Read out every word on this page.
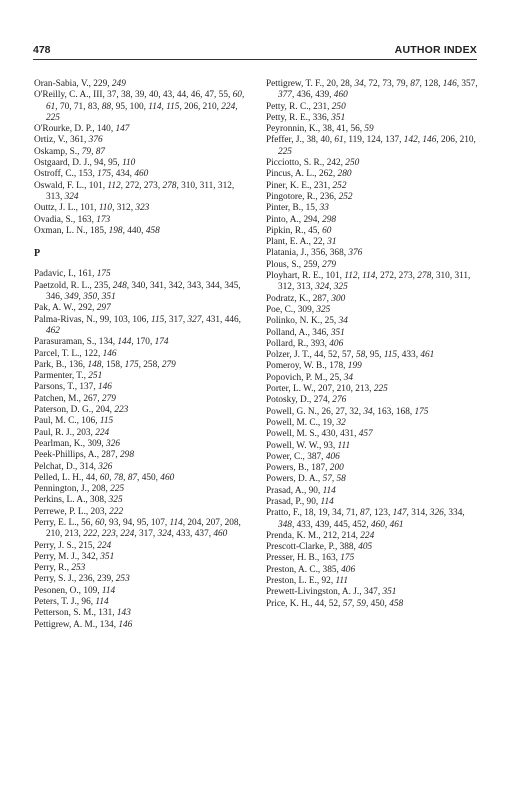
478	AUTHOR INDEX

Oran-Sabia, V., 229, 249

O'Reilly, C. A., III, 37, 38, 39, 40, 43, 44, 46, 47, 55, 60, 61, 70, 71, 83, 88, 95, 100, 114, 115, 206, 210, 224, 225

O'Rourke, D. P., 140, 147

Ortiz, V., 361, 376

Oskamp, S., 79, 87

Ostgaard, D. J., 94, 95, 110

Ostroff, C., 153, 175, 434, 460

Oswald, F. L., 101, 112, 272, 273, 278, 310, 311, 312, 313, 324

Outtz, J. L., 101, 110, 312, 323

Ovadia, S., 163, 173

Oxman, L. N., 185, 198, 440, 458

P

Padavic, I., 161, 175

Paetzold, R. L., 235, 248, 340, 341, 342, 343, 344, 345, 346, 349, 350, 351

Pak, A. W., 292, 297

Palma-Rivas, N., 99, 103, 106, 115, 317, 327, 431, 446, 462

Parasuraman, S., 134, 144, 170, 174

Parcel, T. L., 122, 146

Park, B., 136, 148, 158, 175, 258, 279

Parmenter, T., 251

Parsons, T., 137, 146

Patchen, M., 267, 279

Paterson, D. G., 204, 223

Paul, M. C., 106, 115

Paul, R. J., 203, 224

Pearlman, K., 309, 326

Peek-Phillips, A., 287, 298

Pelchat, D., 314, 326

Pelled, L. H., 44, 60, 78, 87, 450, 460

Pennington, J., 208, 225

Perkins, L. A., 308, 325

Perrewe, P. L., 203, 222

Perry, E. L., 56, 60, 93, 94, 95, 107, 114, 204, 207, 208, 210, 213, 222, 223, 224, 317, 324, 433, 437, 460

Perry, J. S., 215, 224

Perry, M. J., 342, 351

Perry, R., 253

Perry, S. J., 236, 239, 253

Pesonen, O., 109, 114

Peters, T. J., 96, 114

Petterson, S. M., 131, 143

Pettigrew, A. M., 134, 146

Pettigrew, T. F., 20, 28, 34, 72, 73, 79, 87, 128, 146, 357, 377, 436, 439, 460

Petty, R. C., 231, 250

Petty, R. E., 336, 351

Peyronnin, K., 38, 41, 56, 59

Pfeffer, J., 38, 40, 61, 119, 124, 137, 142, 146, 206, 210, 225

Picciotto, S. R., 242, 250

Pincus, A. L., 262, 280

Piner, K. E., 231, 252

Pingotore, R., 236, 252

Pinter, B., 15, 33

Pinto, A., 294, 298

Pipkin, R., 45, 60

Plant, E. A., 22, 31

Platania, J., 356, 368, 376

Plous, S., 259, 279

Ployhart, R. E., 101, 112, 114, 272, 273, 278, 310, 311, 312, 313, 324, 325

Podratz, K., 287, 300

Poe, C., 309, 325

Polinko, N. K., 25, 34

Polland, A., 346, 351

Pollard, R., 393, 406

Polzer, J. T., 44, 52, 57, 58, 95, 115, 433, 461

Pomeroy, W. B., 178, 199

Popovich, P. M., 25, 34

Porter, L. W., 207, 210, 213, 225

Potosky, D., 274, 276

Powell, G. N., 26, 27, 32, 34, 163, 168, 175

Powell, M. C., 19, 32

Powell, M. S., 430, 431, 457

Powell, W. W., 93, 111

Power, C., 387, 406

Powers, B., 187, 200

Powers, D. A., 57, 58

Prasad, A., 90, 114

Prasad, P., 90, 114

Pratto, F., 18, 19, 34, 71, 87, 123, 147, 314, 326, 334, 348, 433, 439, 445, 452, 460, 461

Prenda, K. M., 212, 214, 224

Prescott-Clarke, P., 388, 405

Presser, H. B., 163, 175

Preston, A. C., 385, 406

Preston, L. E., 92, 111

Prewett-Livingston, A. J., 347, 351

Price, K. H., 44, 52, 57, 59, 450, 458
